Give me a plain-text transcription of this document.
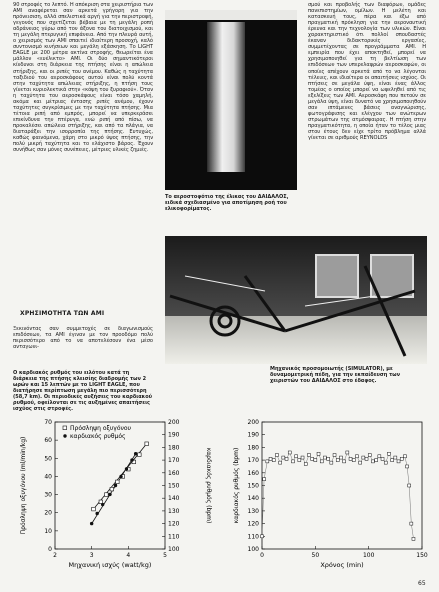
90 στροφές το λεπτό. Η απόκριση στα χειριστήρια των ΑΜΙ αναφέρεται σαν αρκετά γρήγορη για την πρόνεισιση, αλλά σπελιστικά αργή για την περιστροφή, γεγονός που σχετίζεται βέβαια με τη μεγάλη ροπή αδράνειας γύρω από τον άξονα του διατοιχισμού, και τη μεγάλη πτερυγική επιφάνεια. Από την πλευρά αυτή, ο χειρισμός των ΑΜΙ σπαιτεί ιδιαίτερη προσοχή, καλό συντονισμό κινήσεων και μεγάλη εξάσκηση. Το LIGHT EAGLE με 200 μέτρα ακτίνα στροφής, θεωρείται ένα μάλλον «ευέλικτο» ΑΜΙ. Οι δύο σημαντικότεροι κίνδυνοι στη διάρκεια της πτήσης είναι η απώλεια στήριξης, και οι ριπές του ανέμου. Καθώς η ταχύτητα ταξιδιού του αεροσκάφους αυτού είναι πολύ κοντά στην ταχύτητα απώλειας στήριξης, η πτήση τους γίνεται κυριολεκτικά στην «κόψη του ξυραφιού». Όταν η ταχύτητα του αεροσκάφους είναι τόσο χαμηλή, ακόμα και μέτριας έντασης ριπές ανέμου, έχουν ταχύτητες συγκρίσιμες με την ταχύτητα πτήσης. Μια τέτοια ριπή από εμπρός, μπορεί να υπερκεράσει επικίνδυνα την πτέρυγα, ενώ ριπή από πίσω, να προκαλέσει απώλεια στήριξης, και από τα πλάγια, να διαταράξει την ισορροπία της πτήσης. Ευτυχώς, καθώς φαινόμενα, χάρη στο μικρό ύψος πτήσης, την πολύ μικρή ταχύτητα και το ελάχιστο βάρος. Έχουν συνήθως σαν μόνες συνέπειες, μέτριες υλικές ζημιές.

Το αεροστοφότιο της έλικας του ΔΑΙΔΑΛΟΣ, ειδικά σχεδιασμένο για αποτίμηση ροή του ελικοφορίματος.

σμού και προβολής των διαφόρων, ομάδες πανεπιστημίων, ομίλων. Η μελέτη και κατασκευή τους, πέρα και έξω από πραγματική πρόκληση για την αεροναυτική έρευνα και την τεχνολογία των υλικών. Είναι χαρακτηριστικό ότι πολλοί σπουδαστές έκαναν διδακτορικές εργασίες, συμμετέχοντας σε προγράμματα ΑΜΙ. Η εμπειρία που έχει αποκτηθεί, μπορεί να χρησιμοποιηθεί για τη βελτίωση των επιδόσεων των υπερελαφρών αεροσκαφών, οι οποίες απέχουν αρκετά από το να λέγονται τέλειες, και ιδιαίτερα οι απαιτήσεις ισχύος. Οι πτήσεις σε μεγάλα ύψη, είναι ένας άλλος τομέας ο οποίος μπορεί να ωφεληθεί από τις εξελίξεις των ΑΜΙ. Αεροσκάφη που πετούν σε μεγάλα ύψη, είναι δυνατό να χρησιμοποιηθούν σαν ιπτάμενες βάσεις αναγνώρισης, φωτογράφισης και ελέγχου των ανώτερων στρωμάτων της ατμόσφαιρας. Η πτήση στην πραγματικότητα, η οποία ήταν το τέλος μιας στου έτους δεν είχε τρίτο πρόβλημα αλλά γίνεται σε αριθμούς REYNOLDS

Μηχανικός προσομοιωτής (SIMULATOR), με δυναμομετρική πέδη, για την εκπαίδευση των χειριστών του ΔΑΙΔΑΛΟΣ στο έδαφος.
ΧΡΗΣΙΜΟΤΗΤΑ ΤΩΝ ΑΜΙ

Ξεκινόντας σαν συμμετοχές σε διαγωνισμούς επιδόσεων, τα ΑΜΙ έγιναν με τον προοδόμο πολύ περισσότερο από το να αποτελέσουν ένα μέσο ανταγωνι-

Ο καρδιακός ρυθμός του ειλότου κατά τη διάρκεια της πτήσης κλεισίης διαδρομής των 2 ωρών και 15 λεπτών με το LIGHT EAGLE, που διατήρησε περίπτωση μεγάλη πιο περισσότερη (58,7 km). Οι περιοδικές αυξήσεις του καρδιακού ρυθμού, οφείλονται σε τις αυξημένες απαιτήσεις ισχύος στις στροφές.
2	3	4	5
0
10
20
30
40
50
60
70
100
110
120
130
140
150
160
170
180
190
200
Μηχανική ισχύς (watt/kg)
Πρόσληψη οξυγόνου (ml/min/kg)	καρδιακός ρυθμός (bpm)
Πρόσληψη οξυγόνου
καρδιακός ρυθμός
0	50	100	150
100
110
120
130
140
150
160
170
180
190
200
Χρόνος (min)
καρδιακός ρυθμός (bpm)
65
